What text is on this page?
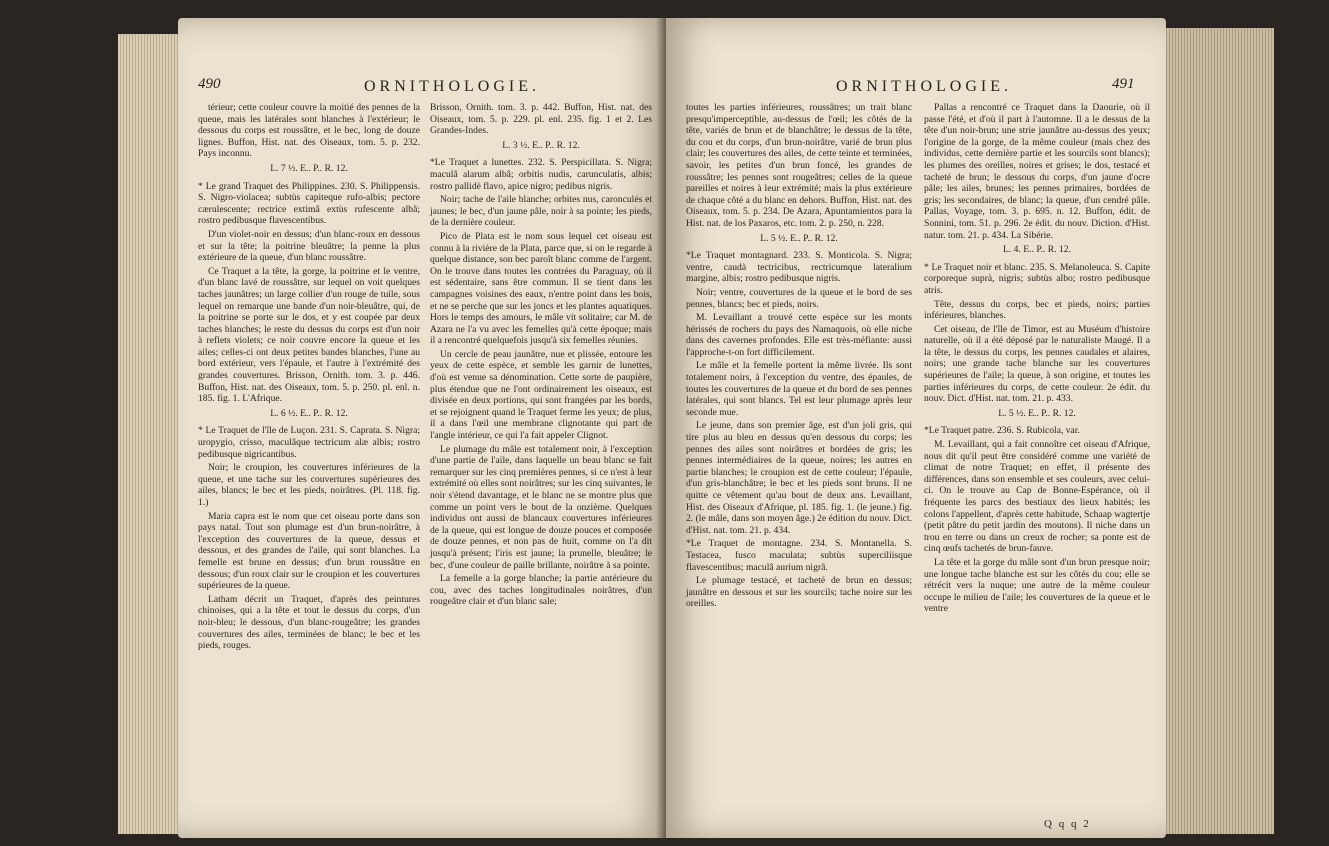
490	ORNITHOLOGIE.

térieur; cette couleur couvre la moitié des pennes de la queue, mais les latérales sont blanches à l'extérieur; le dessous du corps est roussâtre, et le bec, long de douze lignes. Buffon, Hist. nat. des Oiseaux, tom. 5. p. 232. Pays inconnu.

L. 7 ½. E.. P.. R. 12.

* Le grand Traquet des Philippines. 230. S. Philippensis. S. Nigro-violacea; subtùs capiteque rufo-albis; pectore cærulescente; rectrice extimâ extùs rufescente albâ; rostro pedibusque flavescentibus.

D'un violet-noir en dessus; d'un blanc-roux en dessous et sur la tête; la poitrine bleuâtre; la penne la plus extérieure de la queue, d'un blanc roussâtre.

Ce Traquet a la tête, la gorge, la poitrine et le ventre, d'un blanc lavé de roussâtre, sur lequel on voit quelques taches jaunâtres; un large collier d'un rouge de tuile, sous lequel on remarque une bande d'un noir-bleuâtre, qui, de la poitrine se porte sur le dos, et y est coupée par deux taches blanches; le reste du dessus du corps est d'un noir à reflets violets; ce noir couvre encore la queue et les ailes; celles-ci ont deux petites bandes blanches, l'une au bord extérieur, vers l'épaule, et l'autre à l'extrémité des grandes couvertures. Brisson, Ornith. tom. 3. p. 446. Buffon, Hist. nat. des Oiseaux, tom. 5. p. 250. pl. enl. n. 185. fig. 1. L'Afrique.

L. 6 ½. E.. P.. R. 12.

* Le Traquet de l'île de Luçon. 231. S. Caprata. S. Nigra; uropygio, crisso, maculâque tectricum alæ albis; rostro pedibusque nigricantibus.

Noir; le croupion, les couvertures inférieures de la queue, et une tache sur les couvertures supérieures des ailes, blancs; le bec et les pieds, noirâtres. (Pl. 118. fig. 1.)

Maria capra est le nom que cet oiseau porte dans son pays natal. Tout son plumage est d'un brun-noirâtre, à l'exception des couvertures de la queue, dessus et dessous, et des grandes de l'aile, qui sont blanches. La femelle est brune en dessus; d'un brun roussâtre en dessous; d'un roux clair sur le croupion et les couvertures supérieures de la queue.

Latham décrit un Traquet, d'après des peintures chinoises, qui a la tête et tout le dessus du corps, d'un noir-bleu; le dessous, d'un blanc-rougeâtre; les grandes couvertures des ailes, terminées de blanc; le bec et les pieds, rouges.

Brisson, Ornith. tom. 3. p. 442. Buffon, Hist. nat. des Oiseaux, tom. 5. p. 229. pl. enl. 235. fig. 1 et 2. Les Grandes-Indes.

L. 3 ½. E.. P.. R. 12.

*Le Traquet a lunettes. 232. S. Perspicillata. S. Nigra; maculâ alarum albâ; orbitis nudis, carunculatis, albis; rostro pallidè flavo, apice nigro; pedibus nigris.

Noir; tache de l'aile blanche; orbites nus, caronculés et jaunes; le bec, d'un jaune pâle, noir à sa pointe; les pieds, de la dernière couleur.

Pico de Plata est le nom sous lequel cet oiseau est connu à la rivière de la Plata, parce que, si on le regarde à quelque distance, son bec paroît blanc comme de l'argent. On le trouve dans toutes les contrées du Paraguay, où il est sédentaire, sans être commun. Il se tient dans les campagnes voisines des eaux, n'entre point dans les bois, et ne se perche que sur les joncs et les plantes aquatiques. Hors le temps des amours, le mâle vit solitaire; car M. de Azara ne l'a vu avec les femelles qu'à cette époque; mais il a rencontré quelquefois jusqu'à six femelles réunies.

Un cercle de peau jaunâtre, nue et plissée, entoure les yeux de cette espèce, et semble les garnir de lunettes, d'où est venue sa dénomination. Cette sorte de paupière, plus étendue que ne l'ont ordinairement les oiseaux, est divisée en deux portions, qui sont frangées par les bords, et se rejoignent quand le Traquet ferme les yeux; de plus, il a dans l'œil une membrane clignotante qui part de l'angle intérieur, ce qui l'a fait appeler Clignot.

Le plumage du mâle est totalement noir, à l'exception d'une partie de l'aile, dans laquelle un beau blanc se fait remarquer sur les cinq premières pennes, si ce n'est à leur extrémité où elles sont noirâtres; sur les cinq suivantes, le noir s'étend davantage, et le blanc ne se montre plus que comme un point vers le bout de la onzième. Quelques individus ont aussi de blancaux couvertures inférieures de la queue, qui est longue de douze pouces et composée de douze pennes, et non pas de huit, comme on l'a dit jusqu'à présent; l'iris est jaune; la prunelle, bleuâtre; le bec, d'une couleur de paille brillante, noirâtre à sa pointe.

La femelle a la gorge blanche; la partie antérieure du cou, avec des taches longitudinales noirâtres, d'un rougeâtre clair et d'un blanc sale;

ORNITHOLOGIE.	491

toutes les parties inférieures, roussâtres; un trait blanc presqu'imperceptible, au-dessus de l'œil; les côtés de la tête, variés de brun et de blanchâtre; le dessus de la tête, du cou et du corps, d'un brun-noirâtre, varié de brun plus clair; les couvertures des ailes, de cette teinte et terminées, savoir, les petites d'un brun foncé, les grandes de roussâtre; les pennes sont rougeâtres; celles de la queue pareilles et noires à leur extrémité; mais la plus extérieure de chaque côté a du blanc en dehors. Buffon, Hist. nat. des Oiseaux, tom. 5. p. 234. De Azara, Apuntamientos para la Hist. nat. de los Paxaros, etc. tom. 2. p. 250, n. 228.

L. 5 ½. E.. P.. R. 12.

*Le Traquet montagnard. 233. S. Monticola. S. Nigra; ventre, caudà tectricibus, rectricumque lateralium margine, albis; rostro pedibusque nigris.

Noir; ventre, couvertures de la queue et le bord de ses pennes, blancs; bec et pieds, noirs.

M. Levaillant a trouvé cette espèce sur les monts hérissés de rochers du pays des Namaquois, où elle niche dans des cavernes profondes. Elle est très-méfiante: aussi l'approche-t-on fort difficilement.

Le mâle et la femelle portent la même livrée. Ils sont totalement noirs, à l'exception du ventre, des épaules, de toutes les couvertures de la queue et du bord de ses pennes latérales, qui sont blancs. Tel est leur plumage après leur seconde mue.

Le jeune, dans son premier âge, est d'un joli gris, qui tire plus au bleu en dessus qu'en dessous du corps; les pennes des ailes sont noirâtres et bordées de gris; les pennes intermédiaires de la queue, noires; les autres en partie blanches; le croupion est de cette couleur; l'épaule, d'un gris-blanchâtre; le bec et les pieds sont bruns. Il ne quitte ce vêtement qu'au bout de deux ans. Levaillant, Hist. des Oiseaux d'Afrique, pl. 185. fig. 1. (le jeune.) fig. 2. (le mâle, dans son moyen âge.) 2e édition du nouv. Dict. d'Hist. nat. tom. 21. p. 434.

*Le Traquet de montagne. 234. S. Montanella. S. Testacea, fusco maculata; subtùs superciliisque flavescentibus; maculâ aurium nigrâ.

Le plumage testacé, et tacheté de brun en dessus; jaunâtre en dessous et sur les sourcils; tache noire sur les oreilles.

Pallas a rencontré ce Traquet dans la Daourie, où il passe l'été, et d'où il part à l'automne. Il a le dessus de la tête d'un noir-brun; une strie jaunâtre au-dessus des yeux; l'origine de la gorge, de la même couleur (mais chez des individus, cette dernière partie et les sourcils sont blancs); les plumes des oreilles, noires et grises; le dos, testacé et tacheté de brun; le dessous du corps, d'un jaune d'ocre pâle; les ailes, brunes; les pennes primaires, bordées de gris; les secondaires, de blanc; la queue, d'un cendré pâle. Pallas, Voyage, tom. 3. p. 695. n. 12. Buffon, édit. de Sonnini, tom. 51. p. 296. 2e édit. du nouv. Diction. d'Hist. natur. tom. 21. p. 434. La Sibérie.

L. 4. E.. P.. R. 12.

* Le Traquet noir et blanc. 235. S. Melanoleuca. S. Capite corporeque suprà, nigris; subtùs albo; rostro pedibusque atris.

Tête, dessus du corps, bec et pieds, noirs; parties inférieures, blanches.

Cet oiseau, de l'île de Timor, est au Muséum d'histoire naturelle, où il a été déposé par le naturaliste Maugé. Il a la tête, le dessus du corps, les pennes caudales et alaires, noirs; une grande tache blanche sur les couvertures supérieures de l'aile; la queue, à son origine, et toutes les parties inférieures du corps, de cette couleur. 2e édit. du nouv. Dict. d'Hist. nat. tom. 21. p. 433.

L. 5 ½. E.. P.. R. 12.

*Le Traquet patre. 236. S. Rubicola, var.

M. Levaillant, qui a fait connoître cet oiseau d'Afrique, nous dit qu'il peut être considéré comme une variété de climat de notre Traquet; en effet, il présente des différences, dans son ensemble et ses couleurs, avec celui-ci. On le trouve au Cap de Bonne-Espérance, où il fréquente les parcs des bestiaux des lieux habités; les colons l'appellent, d'après cette habitude, Schaap wagtertje (petit pâtre du petit jardin des moutons). Il niche dans un trou en terre ou dans un creux de rocher; sa ponte est de cinq œufs tachetés de brun-fauve.

La tête et la gorge du mâle sont d'un brun presque noir; une longue tache blanche est sur les côtés du cou; elle se rétrécit vers la nuque; une autre de la même couleur occupe le milieu de l'aile; les couvertures de la queue et le ventre

Q q q 2
